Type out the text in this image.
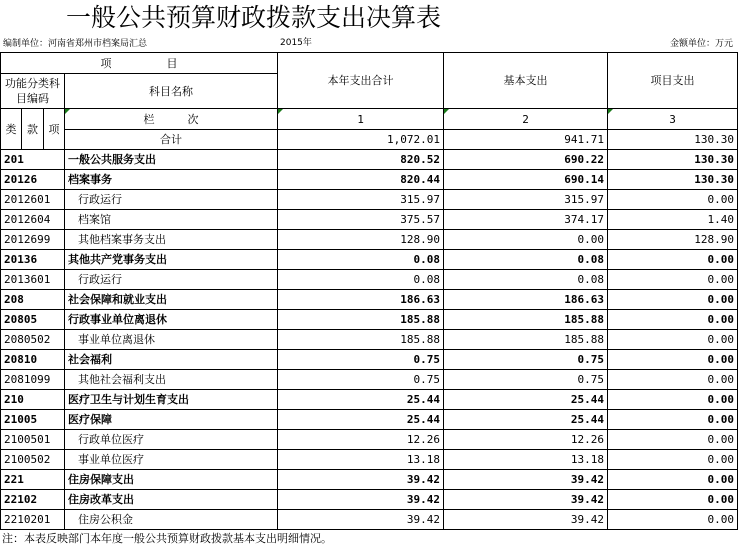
一般公共预算财政拨款支出决算表
编制单位：河南省郑州市档案局汇总	2015年	金额单位：万元
项　　　　　目				本年支出合计	基本支出	项目支出
功能分类科目编码			科目名称			
类	款	项	栏　　　次	1	2	3
			合计	1,072.01	941.71	130.30
201			一般公共服务支出	820.52	690.22	130.30
20126			档案事务	820.44	690.14	130.30
2012601			行政运行	315.97	315.97	0.00
2012604			档案馆	375.57	374.17	1.40
2012699			其他档案事务支出	128.90	0.00	128.90
20136			其他共产党事务支出	0.08	0.08	0.00
2013601			行政运行	0.08	0.08	0.00
208			社会保障和就业支出	186.63	186.63	0.00
20805			行政事业单位离退休	185.88	185.88	0.00
2080502			事业单位离退休	185.88	185.88	0.00
20810			社会福利	0.75	0.75	0.00
2081099			其他社会福利支出	0.75	0.75	0.00
210			医疗卫生与计划生育支出	25.44	25.44	0.00
21005			医疗保障	25.44	25.44	0.00
2100501			行政单位医疗	12.26	12.26	0.00
2100502			事业单位医疗	13.18	13.18	0.00
221			住房保障支出	39.42	39.42	0.00
22102			住房改革支出	39.42	39.42	0.00
2210201			住房公积金	39.42	39.42	0.00
注：本表反映部门本年度一般公共预算财政拨款基本支出明细情况。
